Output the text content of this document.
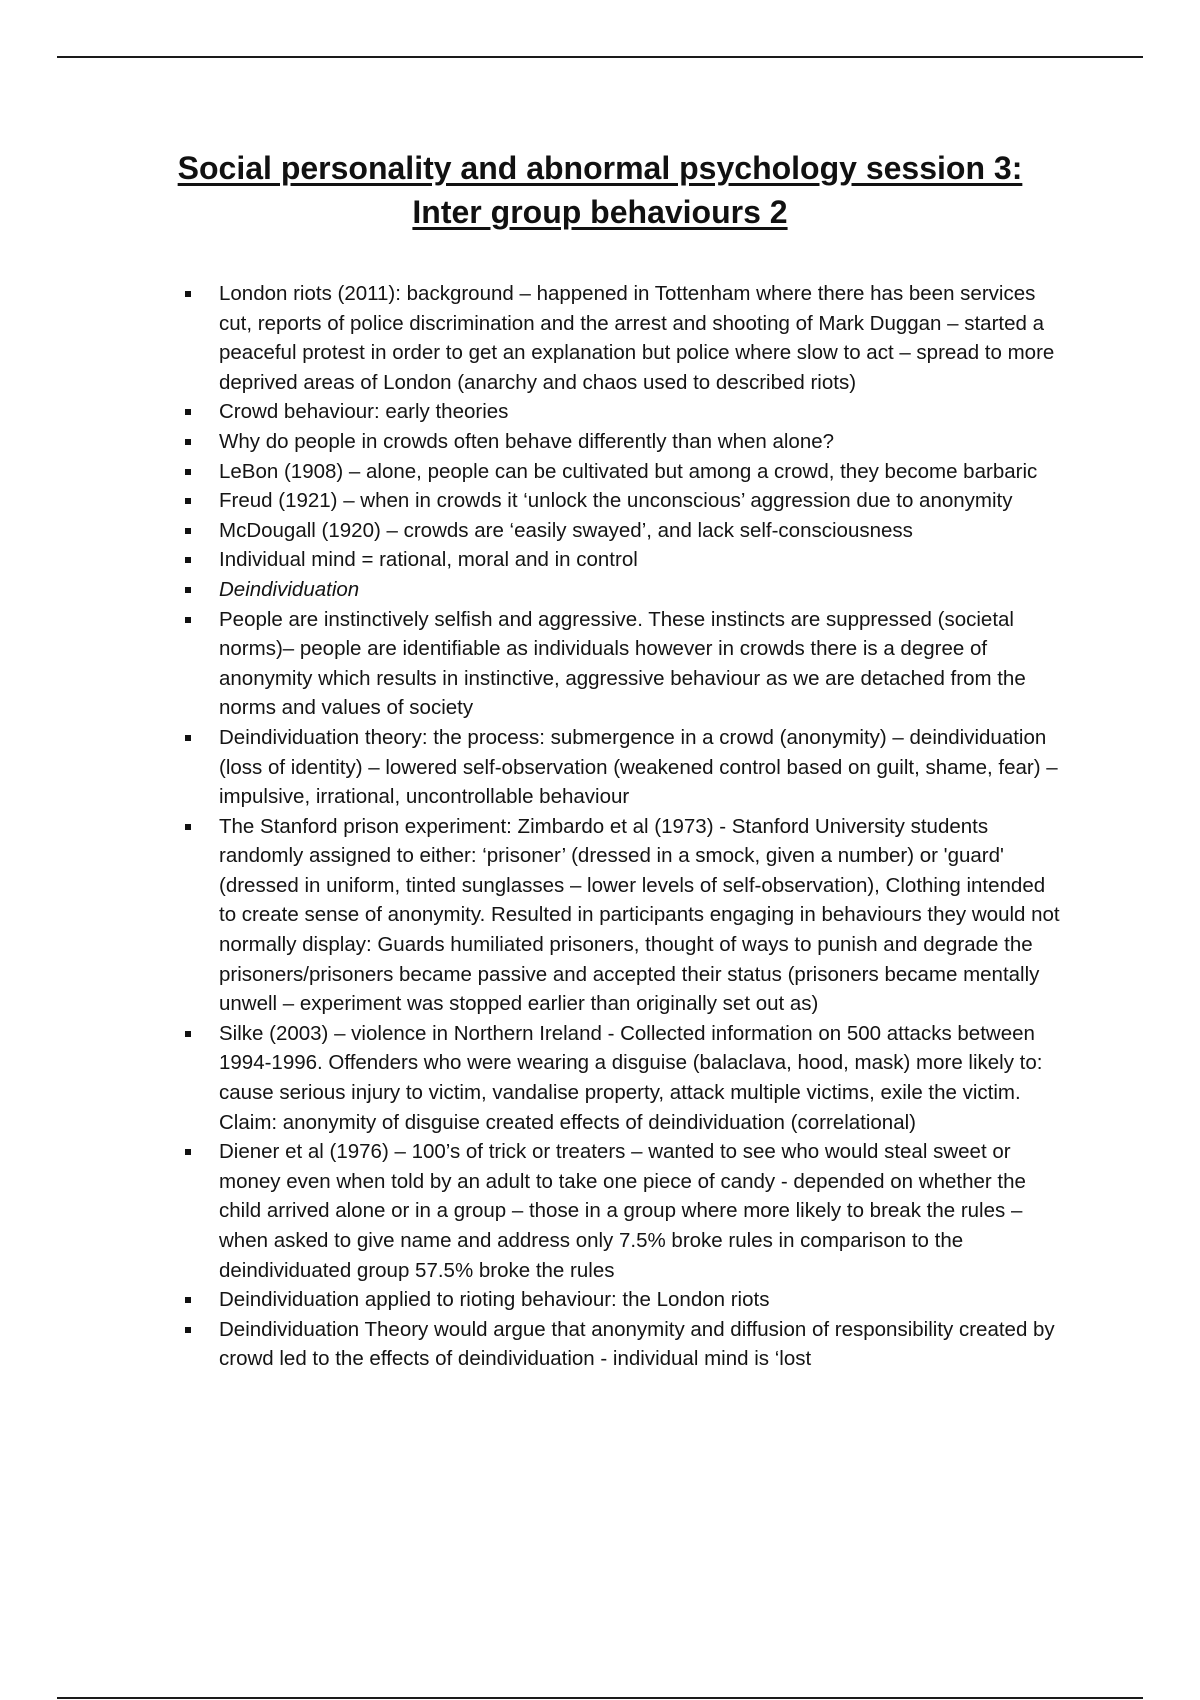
Social personality and abnormal psychology session 3: Inter group behaviours 2
London riots (2011): background – happened in Tottenham where there has been services cut, reports of police discrimination and the arrest and shooting of Mark Duggan – started a peaceful protest in order to get an explanation but police where slow to act – spread to more deprived areas of London (anarchy and chaos used to described riots)
Crowd behaviour: early theories
Why do people in crowds often behave differently than when alone?
LeBon (1908) – alone, people can be cultivated but among a crowd, they become barbaric
Freud (1921) – when in crowds it ‘unlock the unconscious’ aggression due to anonymity
McDougall (1920) – crowds are ‘easily swayed’, and lack self-consciousness
Individual mind = rational, moral and in control
Deindividuation
People are instinctively selfish and aggressive. These instincts are suppressed (societal norms)– people are identifiable as individuals however in crowds there is a degree of anonymity which results in instinctive, aggressive behaviour as we are detached from the norms and values of society
Deindividuation theory: the process: submergence in a crowd (anonymity) – deindividuation (loss of identity) – lowered self-observation (weakened control based on guilt, shame, fear) – impulsive, irrational, uncontrollable behaviour
The Stanford prison experiment: Zimbardo et al (1973) - Stanford University students randomly assigned to either: ‘prisoner’ (dressed in a smock, given a number) or 'guard' (dressed in uniform, tinted sunglasses – lower levels of self-observation), Clothing intended to create sense of anonymity. Resulted in participants engaging in behaviours they would not normally display: Guards humiliated prisoners, thought of ways to punish and degrade the prisoners/prisoners became passive and accepted their status (prisoners became mentally unwell – experiment was stopped earlier than originally set out as)
Silke (2003) – violence in Northern Ireland - Collected information on 500 attacks between 1994-1996. Offenders who were wearing a disguise (balaclava, hood, mask) more likely to: cause serious injury to victim, vandalise property, attack multiple victims, exile the victim. Claim: anonymity of disguise created effects of deindividuation (correlational)
Diener et al (1976) – 100’s of trick or treaters – wanted to see who would steal sweet or money even when told by an adult to take one piece of candy - depended on whether the child arrived alone or in a group – those in a group where more likely to break the rules – when asked to give name and address only 7.5% broke rules in comparison to the deindividuated group 57.5% broke the rules
Deindividuation applied to rioting behaviour: the London riots
Deindividuation Theory would argue that anonymity and diffusion of responsibility created by crowd led to the effects of deindividuation - individual mind is ‘lost
